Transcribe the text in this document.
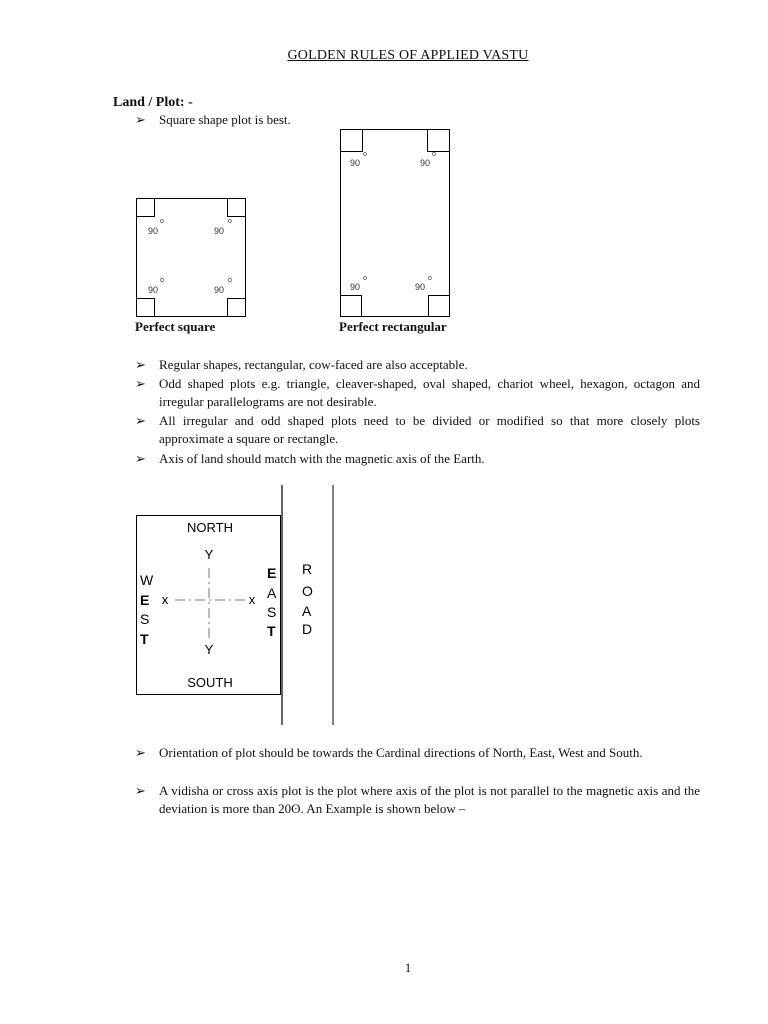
GOLDEN RULES OF APPLIED VASTU
Land / Plot: -
➢ Square shape plot is best.
90
o
90
o
90
o
90
o
90
o
90
o
90
o
90
o
Perfect square	Perfect rectangular
➢ Regular shapes, rectangular, cow-faced are also acceptable.
➢ Odd shaped plots e.g. triangle, cleaver-shaped, oval shaped, chariot wheel, hexagon, octagon and irregular parallelograms are not desirable.
➢ All irregular and odd shaped plots need to be divided or modified so that more closely plots approximate a square or rectangle.
➢ Axis of land should match with the magnetic axis of the Earth.
NORTH
SOUTH
W
E
S
T
E
A
S
T
R
O
A
D
Y
Y
x	x
➢ Orientation of plot should be towards the Cardinal directions of North, East, West and South.
➢ A vidisha or cross axis plot is the plot where axis of the plot is not parallel to the magnetic axis and the deviation is more than 20ʘ. An Example is shown below –
1
